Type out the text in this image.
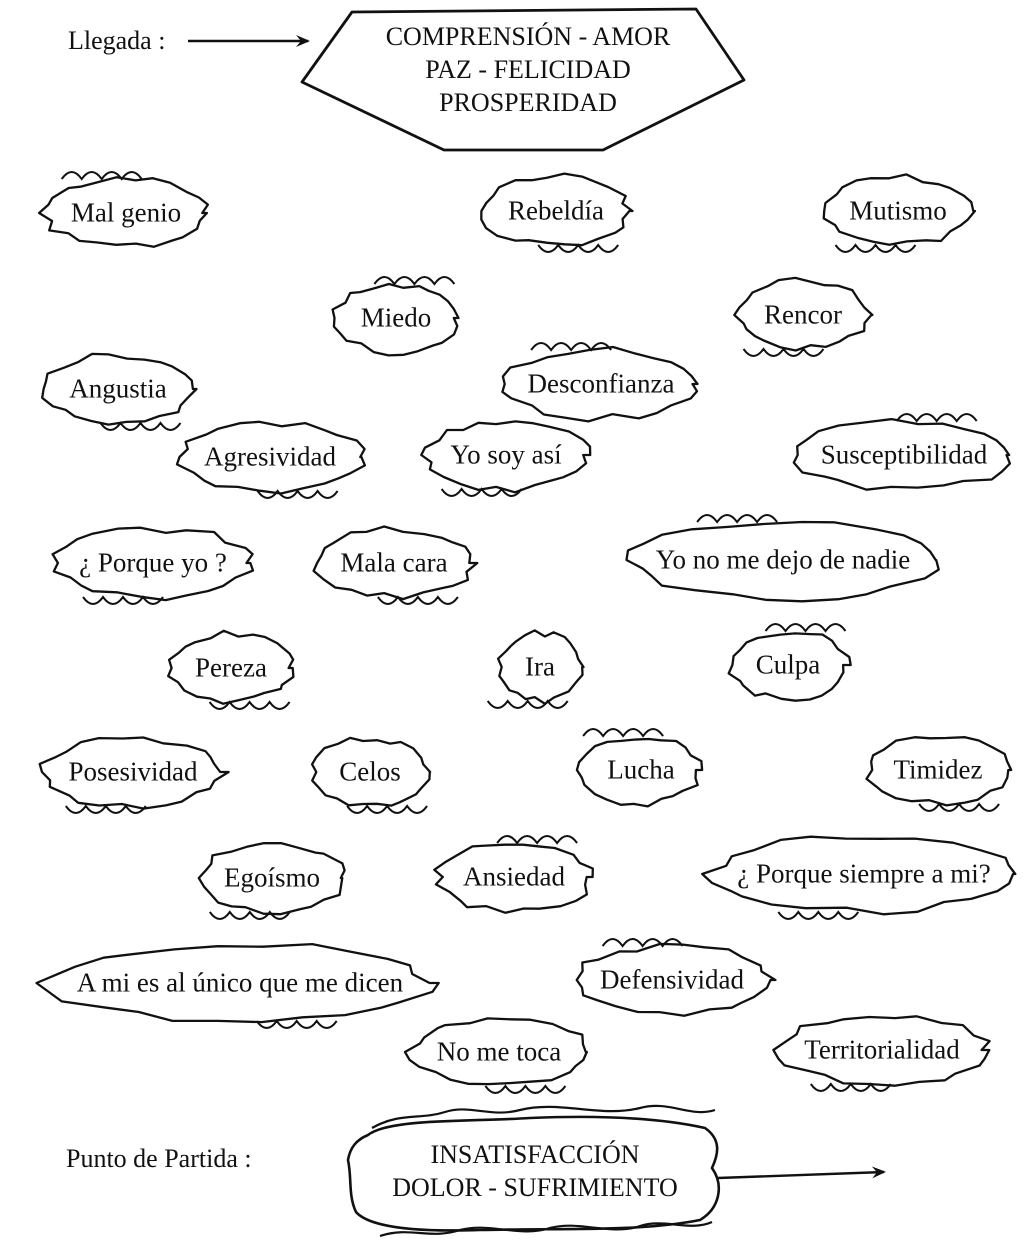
Llegada :	COMPRENSIÓN - AMOR
PAZ - FELICIDAD
PROSPERIDAD
Punto de Partida :	INSATISFACCIÓN
DOLOR - SUFRIMIENTO
Mal genio	Rebeldía	Mutismo
Miedo	Rencor
Angustia	Desconfianza
Agresividad	Yo soy así	Susceptibilidad
¿ Porque yo ?	Mala cara	Yo no me dejo de nadie
Pereza	Ira	Culpa
Posesividad	Celos	Lucha	Timidez
Egoísmo	Ansiedad	¿ Porque siempre a mi?
A mi es al único que me dicen	Defensividad
No me toca	Territorialidad
